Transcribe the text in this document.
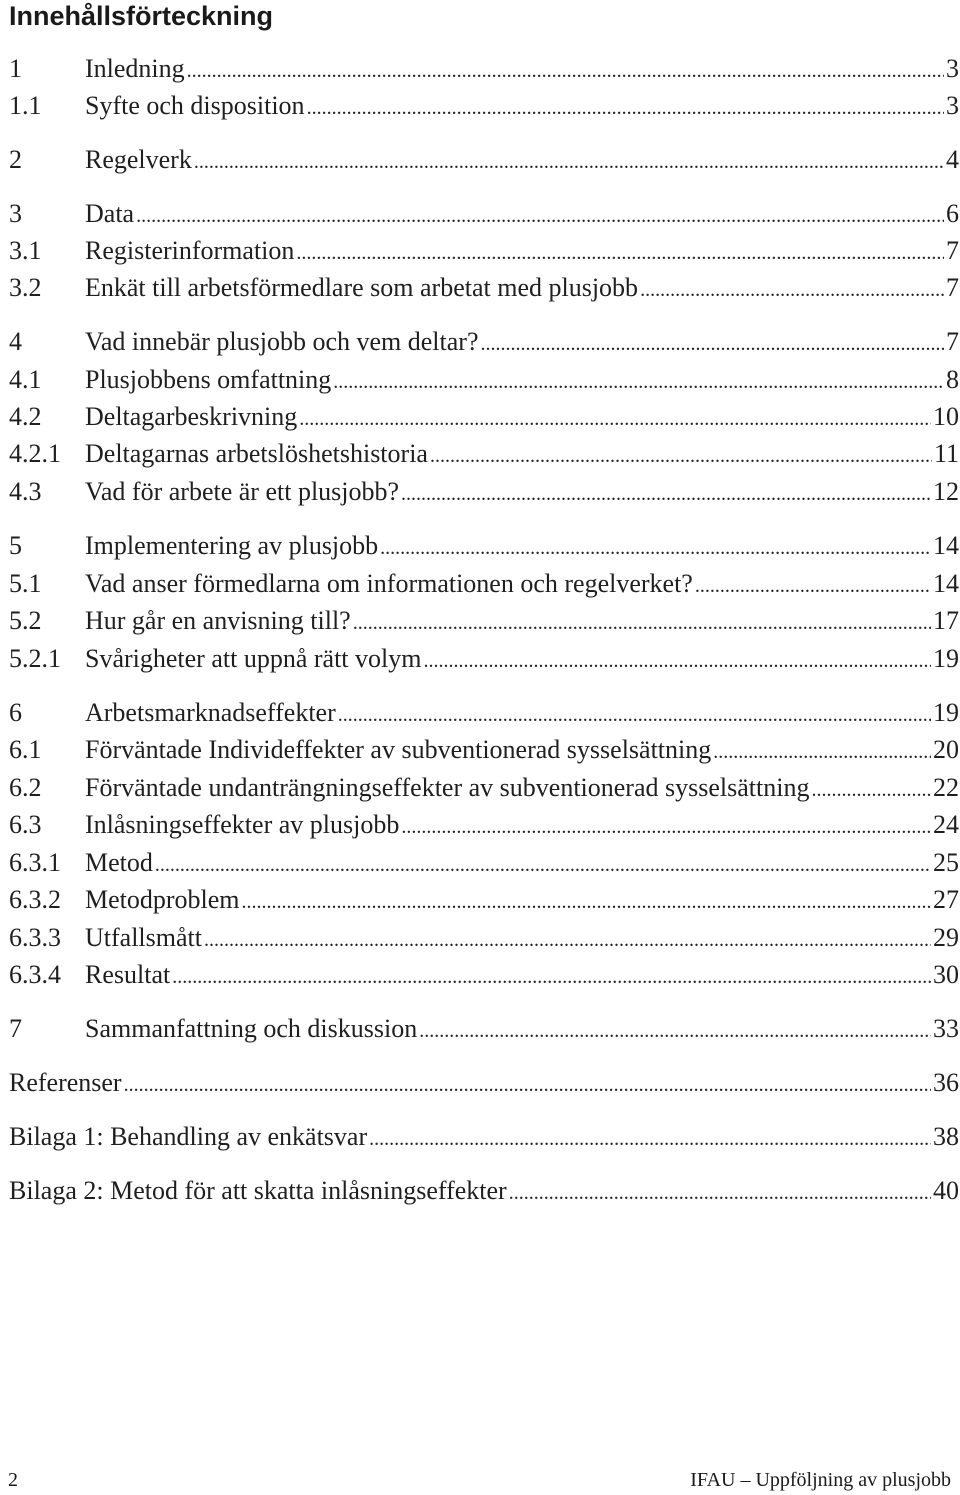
Innehållsförteckning
1	Inledning .....	3
1.1	Syfte och disposition .....	3
2	Regelverk .....	4
3	Data .....	6
3.1	Registerinformation .....	7
3.2	Enkät till arbetsförmedlare som arbetat med plusjobb .....	7
4	Vad innebär plusjobb och vem deltar? .....	7
4.1	Plusjobbens omfattning .....	8
4.2	Deltagarbeskrivning .....	10
4.2.1 Deltagarnas arbetslöshetshistoria .....	11
4.3	Vad för arbete är ett plusjobb? .....	12
5	Implementering av plusjobb .....	14
5.1	Vad anser förmedlarna om informationen och regelverket? .....	14
5.2	Hur går en anvisning till? .....	17
5.2.1 Svårigheter att uppnå rätt volym .....	19
6	Arbetsmarknadseffekter .....	19
6.1	Förväntade Individeffekter av subventionerad sysselsättning .....	20
6.2	Förväntade undanträngningseffekter av subventionerad sysselsättning .....	22
6.3	Inlåsningseffekter av plusjobb .....	24
6.3.1 Metod .....	25
6.3.2 Metodproblem .....	27
6.3.3 Utfallsmått .....	29
6.3.4 Resultat .....	30
7	Sammanfattning och diskussion .....	33
Referenser .....	36
Bilaga 1: Behandling av enkätsvar .....	38
Bilaga 2: Metod för att skatta inlåsningseffekter .....	40
2	IFAU – Uppföljning av plusjobb
